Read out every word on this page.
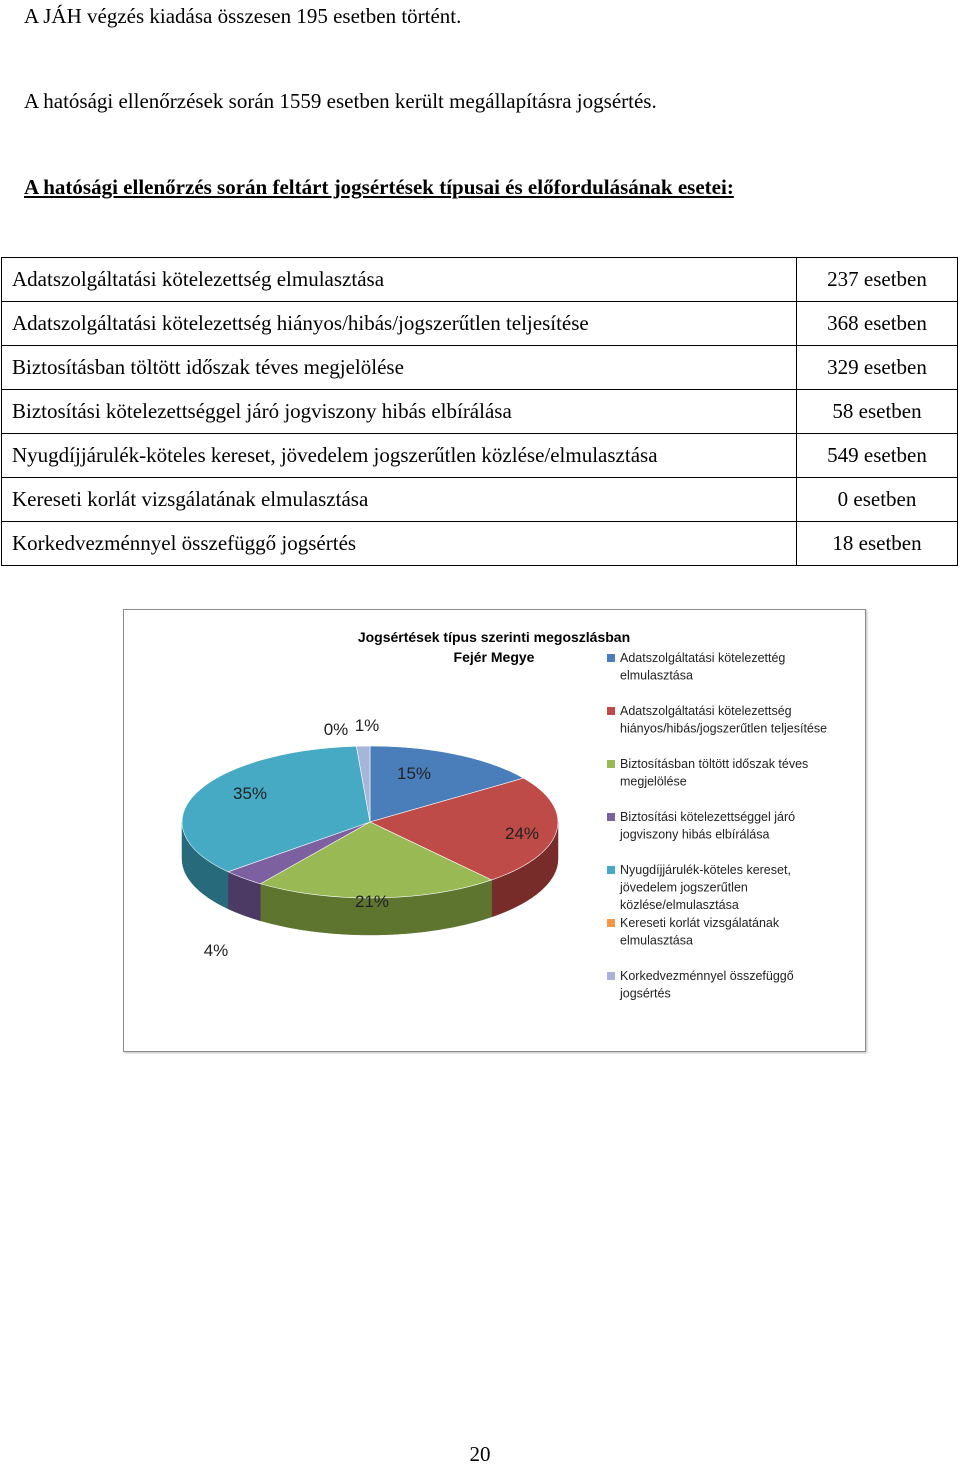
A JÁH végzés kiadása összesen 195 esetben történt.
A hatósági ellenőrzések során 1559 esetben került megállapításra jogsértés.
A hatósági ellenőrzés során feltárt jogsértések típusai és előfordulásának esetei:
Adatszolgáltatási kötelezettség elmulasztása	237 esetben
Adatszolgáltatási kötelezettség hiányos/hibás/jogszerűtlen teljesítése	368 esetben
Biztosításban töltött időszak téves megjelölése	329 esetben
Biztosítási kötelezettséggel járó jogviszony hibás elbírálása	58 esetben
Nyugdíjjárulék-köteles kereset, jövedelem jogszerűtlen közlése/elmulasztása	549 esetben
Kereseti korlát vizsgálatának elmulasztása	0 esetben
Korkedvezménnyel összefüggő jogsértés	18 esetben
Jogsértések típus szerinti megoszlásban
Fejér Megye
15%
24%
21%
4%
35%
0% 1%
Adatszolgáltatási kötelezettég elmulasztása
Adatszolgáltatási kötelezettség hiányos/hibás/jogszerűtlen teljesítése
Biztosításban töltött időszak téves megjelölése
Biztosítási kötelezettséggel járó jogviszony hibás elbírálása
Nyugdíjjárulék-köteles kereset, jövedelem jogszerűtlen közlése/elmulasztása
Kereseti korlát vizsgálatának elmulasztása
Korkedvezménnyel összefüggő jogsértés
20
